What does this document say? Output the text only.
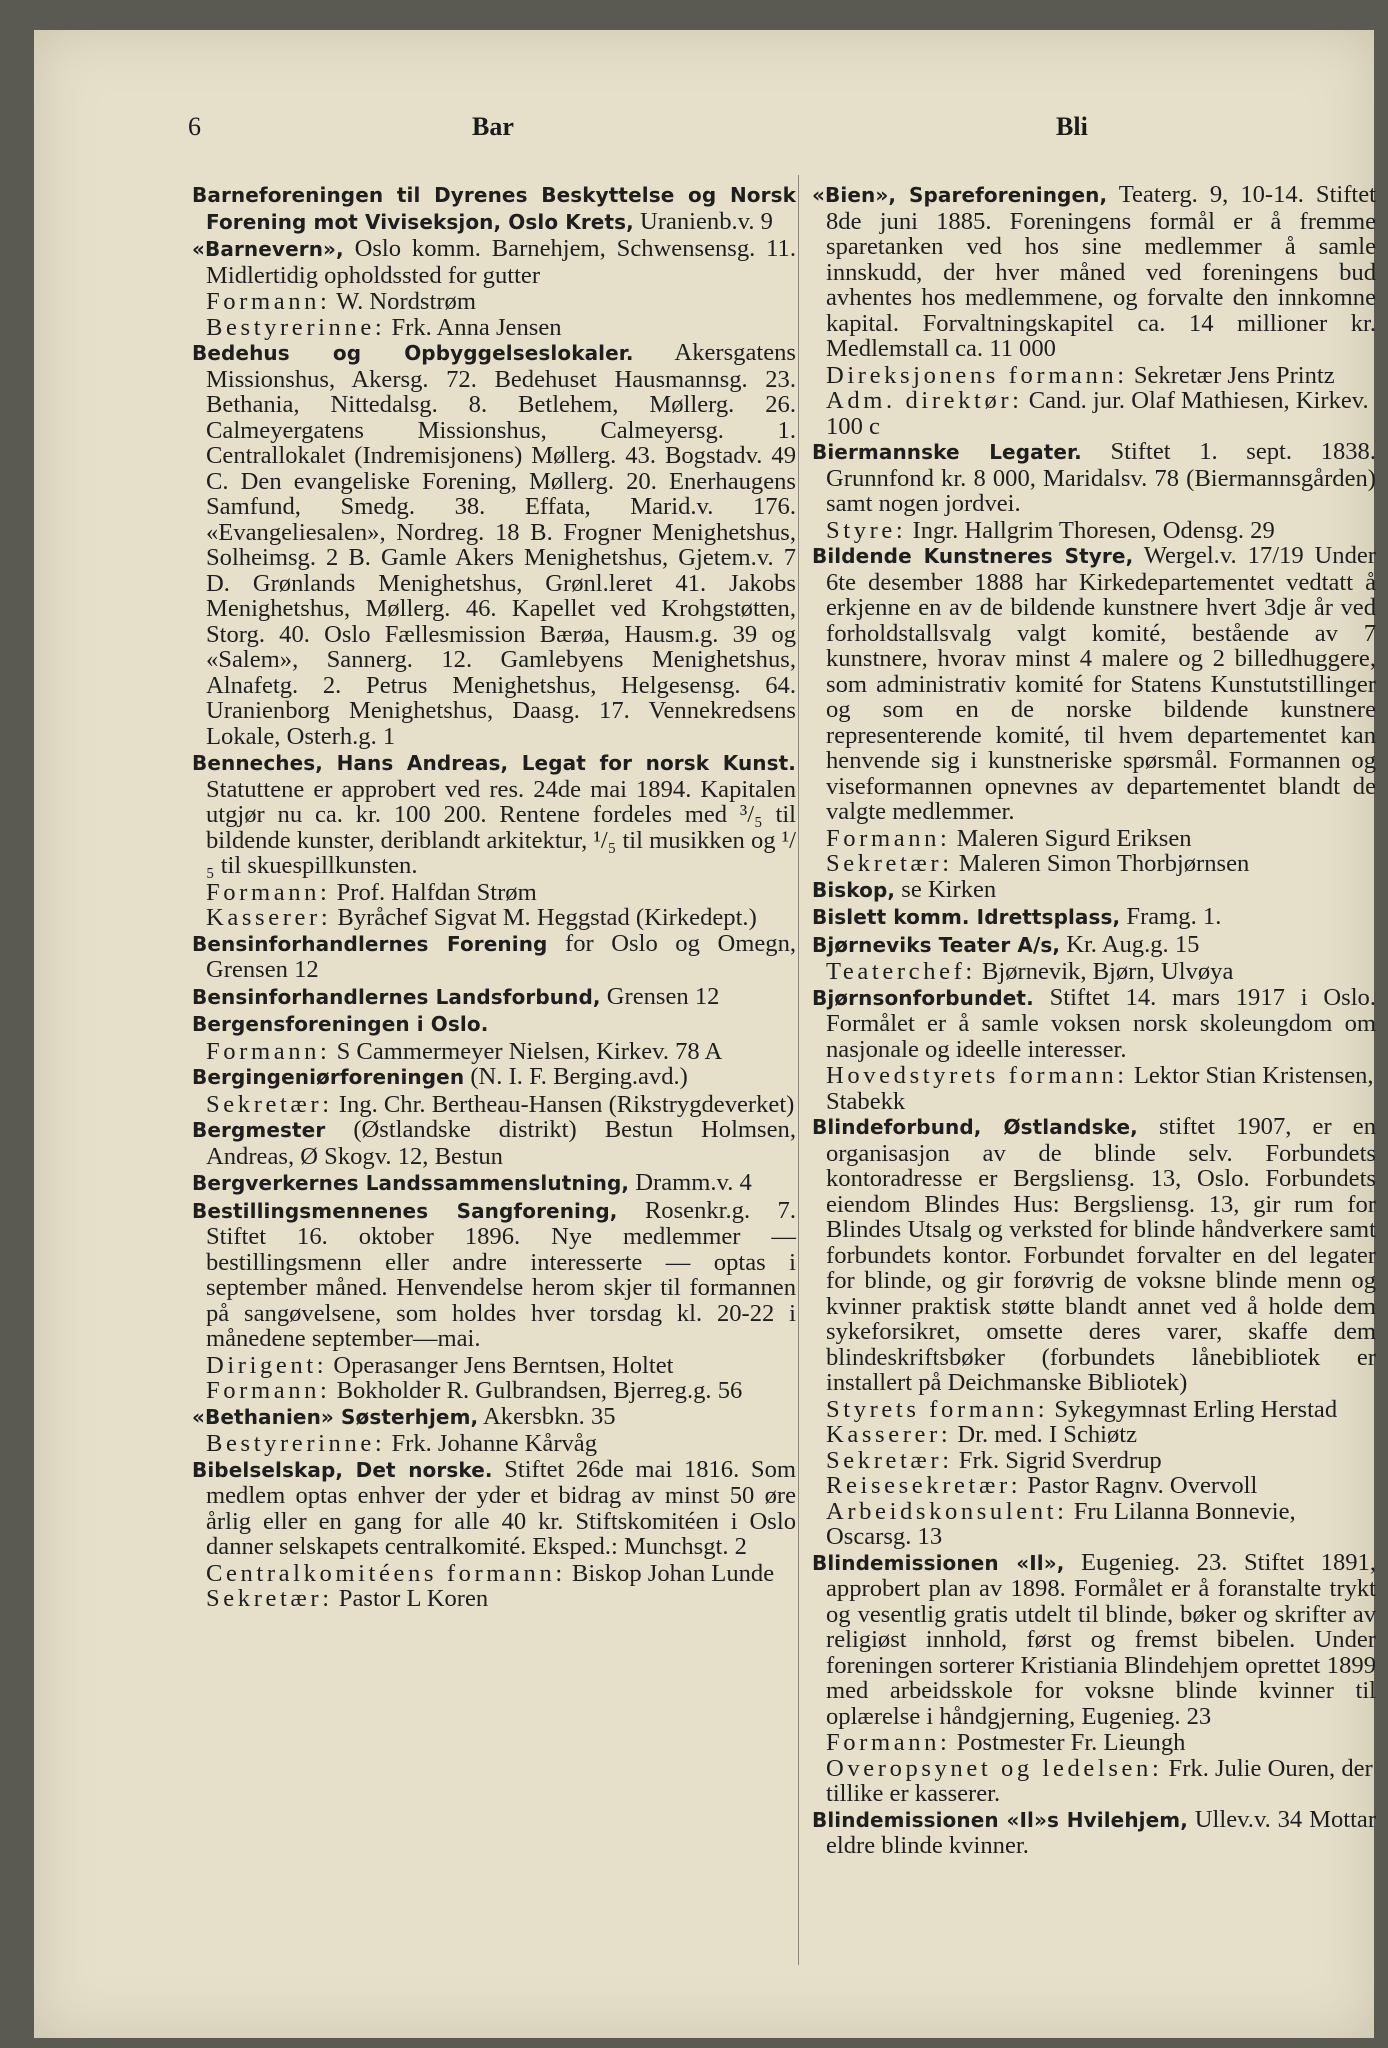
6	Bar	Bli

Barneforeningen til Dyrenes Beskyttelse og Norsk Forening mot Viviseksjon, Oslo Krets, Uranienb.v. 9

«Barnevern», Oslo komm. Barnehjem, Schwensensg. 11. Midlertidig opholdssted for gutter

Formann: W. Nordstrøm

Bestyrerinne: Frk. Anna Jensen

Bedehus og Opbyggelseslokaler. Akersgatens Missionshus, Akersg. 72. Bedehuset Hausmannsg. 23. Bethania, Nittedalsg. 8. Betlehem, Møllerg. 26. Calmeyergatens Missionshus, Calmeyersg. 1. Centrallokalet (Indremisjonens) Møllerg. 43. Bogstadv. 49 C. Den evangeliske Forening, Møllerg. 20. Enerhaugens Samfund, Smedg. 38. Effata, Marid.v. 176. «Evangeliesalen», Nordreg. 18 B. Frogner Menighetshus, Solheimsg. 2 B. Gamle Akers Menighetshus, Gjetem.v. 7 D. Grønlands Menighetshus, Grønl.leret 41. Jakobs Menighetshus, Møllerg. 46. Kapellet ved Krohgstøtten, Storg. 40. Oslo Fællesmission Bærøa, Hausm.g. 39 og «Salem», Sannerg. 12. Gamlebyens Menighetshus, Alnafetg. 2. Petrus Menighetshus, Helgesensg. 64. Uranienborg Menighetshus, Daasg. 17. Vennekredsens Lokale, Osterh.g. 1

Benneches, Hans Andreas, Legat for norsk Kunst. Statuttene er approbert ved res. 24de mai 1894. Kapitalen utgjør nu ca. kr. 100 200. Rentene fordeles med ³/₅ til bildende kunster, deriblandt arkitektur, ¹/₅ til musikken og ¹/₅ til skuespillkunsten.

Formann: Prof. Halfdan Strøm

Kasserer: Byråchef Sigvat M. Heggstad (Kirkedept.)

Bensinforhandlernes Forening for Oslo og Omegn, Grensen 12

Bensinforhandlernes Landsforbund, Grensen 12

Bergensforeningen i Oslo.

Formann: S Cammermeyer Nielsen, Kirkev. 78 A

Bergingeniørforeningen (N. I. F. Berging.avd.)

Sekretær: Ing. Chr. Bertheau-Hansen (Rikstrygdeverket)

Bergmester (Østlandske distrikt) Bestun Holmsen, Andreas, Ø Skogv. 12, Bestun

Bergverkernes Landssammenslutning, Dramm.v. 4

Bestillingsmennenes Sangforening, Rosenkr.g. 7. Stiftet 16. oktober 1896. Nye medlemmer — bestillingsmenn eller andre interesserte — optas i september måned. Henvendelse herom skjer til formannen på sangøvelsene, som holdes hver torsdag kl. 20-22 i månedene september—mai.

Dirigent: Operasanger Jens Berntsen, Holtet

Formann: Bokholder R. Gulbrandsen, Bjerreg.g. 56

«Bethanien» Søsterhjem, Akersbkn. 35

Bestyrerinne: Frk. Johanne Kårvåg

Bibelselskap, Det norske. Stiftet 26de mai 1816. Som medlem optas enhver der yder et bidrag av minst 50 øre årlig eller en gang for alle 40 kr. Stiftskomitéen i Oslo danner selskapets centralkomité. Eksped.: Munchsgt. 2

Centralkomitéens formann: Biskop Johan Lunde

Sekretær: Pastor L Koren

«Bien», Spareforeningen, Teaterg. 9, 10-14. Stiftet 8de juni 1885. Foreningens formål er å fremme sparetanken ved hos sine medlemmer å samle innskudd, der hver måned ved foreningens bud avhentes hos medlemmene, og forvalte den innkomne kapital. Forvaltningskapitel ca. 14 millioner kr. Medlemstall ca. 11 000

Direksjonens formann: Sekretær Jens Printz

Adm. direktør: Cand. jur. Olaf Mathiesen, Kirkev. 100 c

Biermannske Legater. Stiftet 1. sept. 1838. Grunnfond kr. 8 000, Maridalsv. 78 (Biermannsgården) samt nogen jordvei.

Styre: Ingr. Hallgrim Thoresen, Odensg. 29

Bildende Kunstneres Styre, Wergel.v. 17/19 Under 6te desember 1888 har Kirkedepartementet vedtatt å erkjenne en av de bildende kunstnere hvert 3dje år ved forholdstallsvalg valgt komité, bestående av 7 kunstnere, hvorav minst 4 malere og 2 billedhuggere, som administrativ komité for Statens Kunstutstillinger og som en de norske bildende kunstnere representerende komité, til hvem departementet kan henvende sig i kunstneriske spørsmål. Formannen og viseformannen opnevnes av departementet blandt de valgte medlemmer.

Formann: Maleren Sigurd Eriksen

Sekretær: Maleren Simon Thorbjørnsen

Biskop, se Kirken

Bislett komm. Idrettsplass, Framg. 1.

Bjørneviks Teater A/s, Kr. Aug.g. 15

Teaterchef: Bjørnevik, Bjørn, Ulvøya

Bjørnsonforbundet. Stiftet 14. mars 1917 i Oslo. Formålet er å samle voksen norsk skoleungdom om nasjonale og ideelle interesser.

Hovedstyrets formann: Lektor Stian Kristensen, Stabekk

Blindeforbund, Østlandske, stiftet 1907, er en organisasjon av de blinde selv. Forbundets kontoradresse er Bergsliensg. 13, Oslo. Forbundets eiendom Blindes Hus: Bergsliensg. 13, gir rum for Blindes Utsalg og verksted for blinde håndverkere samt forbundets kontor. Forbundet forvalter en del legater for blinde, og gir forøvrig de voksne blinde menn og kvinner praktisk støtte blandt annet ved å holde dem sykeforsikret, omsette deres varer, skaffe dem blindeskriftsbøker (forbundets lånebibliotek er installert på Deichmanske Bibliotek)

Styrets formann: Sykegymnast Erling Herstad

Kasserer: Dr. med. I Schiøtz

Sekretær: Frk. Sigrid Sverdrup

Reisesekretær: Pastor Ragnv. Overvoll

Arbeidskonsulent: Fru Lilanna Bonnevie, Oscarsg. 13

Blindemissionen «Il», Eugenieg. 23. Stiftet 1891, approbert plan av 1898. Formålet er å foranstalte trykt og vesentlig gratis utdelt til blinde, bøker og skrifter av religiøst innhold, først og fremst bibelen. Under foreningen sorterer Kristiania Blindehjem oprettet 1899 med arbeidsskole for voksne blinde kvinner til oplærelse i håndgjerning, Eugenieg. 23

Formann: Postmester Fr. Lieungh

Overopsynet og ledelsen: Frk. Julie Ouren, der tillike er kasserer.

Blindemissionen «Il»s Hvilehjem, Ullev.v. 34 Mottar eldre blinde kvinner.
